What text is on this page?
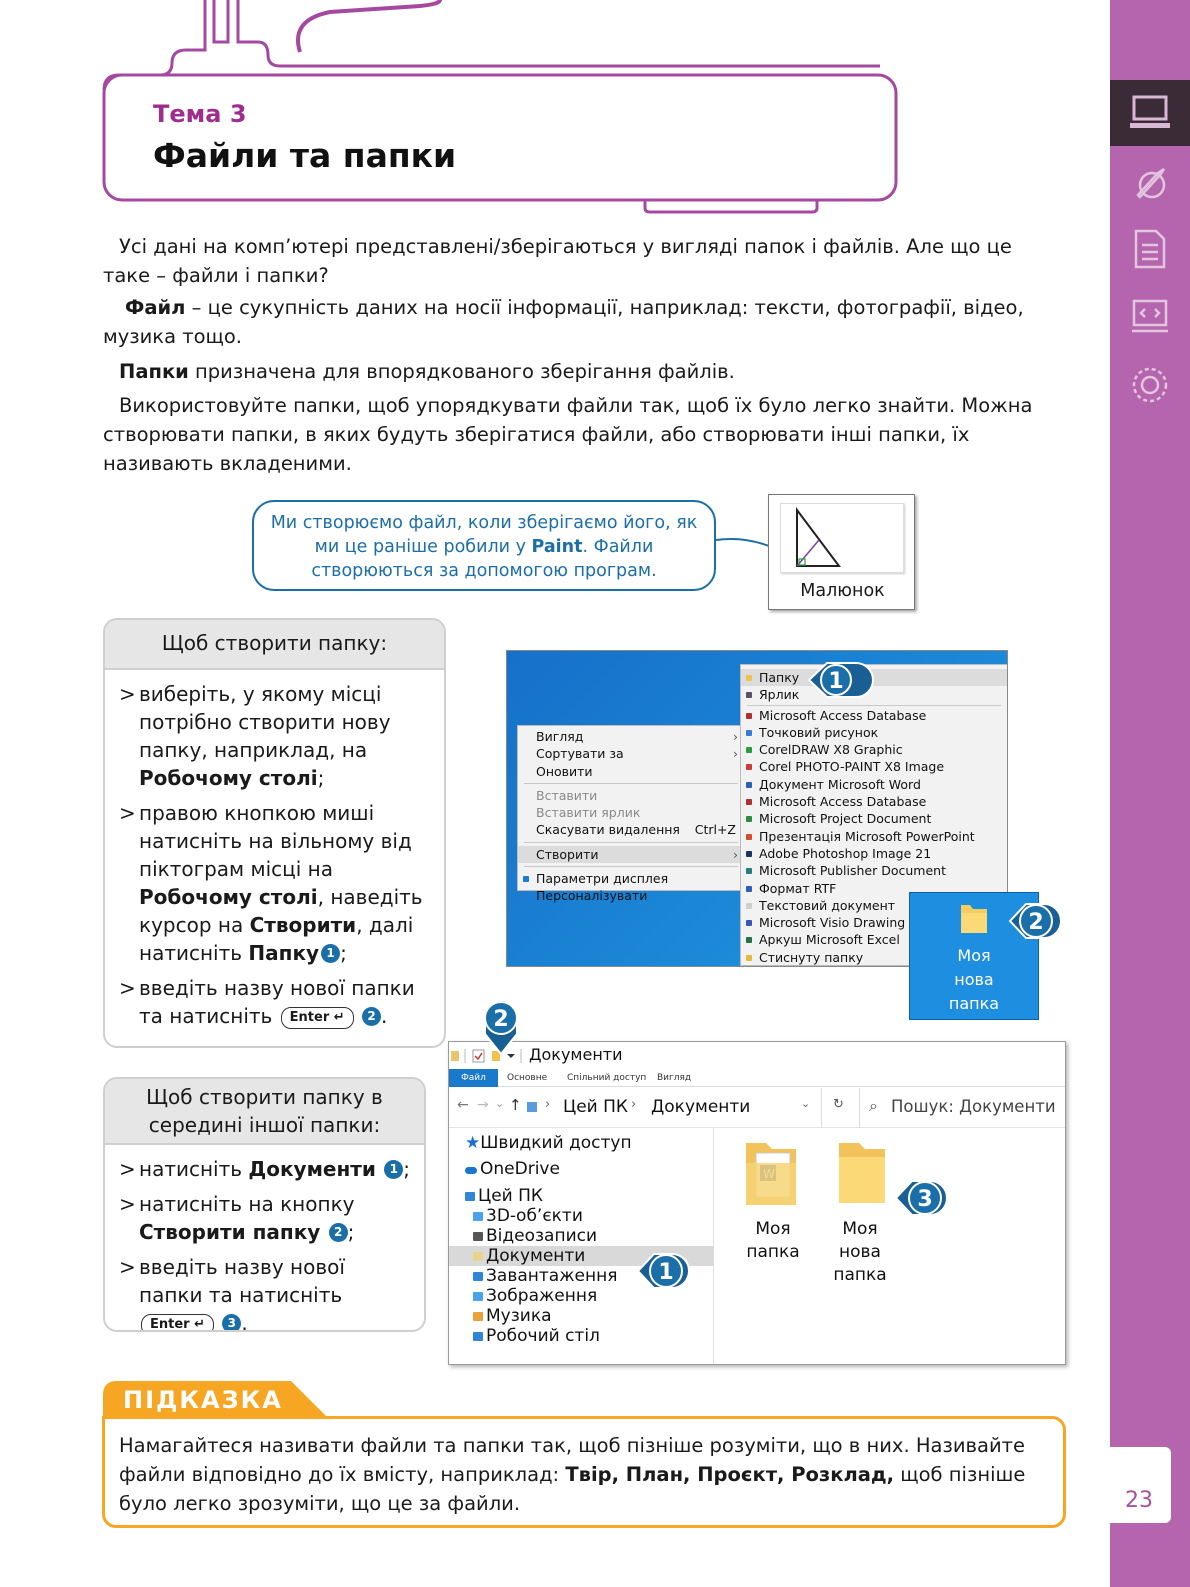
23
Тема 3
Файли та папки

Усі дані на комп’ютері представлені/зберігаються у вигляді папок і файлів. Але що це таке – файли і папки?

Файл – це сукупність даних на носії інформації, наприклад: тексти, фотографії, відео, музика тощо.

Папки призначена для впорядкованого зберігання файлів.

Використовуйте папки, щоб упорядкувати файли так, щоб їх було легко знайти. Можна створювати папки, в яких будуть зберігатися файли, або створювати інші папки, їх називають вкладеними.

Ми створюємо файл, коли зберігаємо його, як ми це раніше робили у Paint. Файли створюються за допомогою програм.
Малюнок
Щоб створити папку:
> виберіть, у якому місці потрібно створити нову папку, наприклад, на Робочому столі;
> правою кнопкою миші натисніть на вільному від піктограм місці на Робочому столі, наведіть курсор на Створити, далі натисніть Папку 1 ;
> введіть назву нової папки та натисніть Enter ↵ 2 .
Щоб створити папку в середині іншої папки:
> натисніть Документи 1 ;
> натисніть на кнопку Створити папку 2 ;
> введіть назву нової папки та натисніть Enter ↵ 3 .
Вигляд	›
Сортувати за	›
Оновити
Вставити
Вставити ярлик
Скасувати видалення Ctrl+Z
Створити	›
Параметри дисплея
Персоналізувати
Папку
Ярлик
Microsoft Access Database
Точковий рисунок
CorelDRAW X8 Graphic
Corel PHOTO-PAINT X8 Image
Документ Microsoft Word
Microsoft Access Database
Microsoft Project Document
Презентація Microsoft PowerPoint
Adobe Photoshop Image 21
Microsoft Publisher Document
Формат RTF
Текстовий документ
Microsoft Visio Drawing
Аркуш Microsoft Excel
Стиснуту папку	Моя
нова
папка
Документи
Файл	Основне Спільний доступ Вигляд
← → ⌄ ↑ › Цей ПК › Документи	⌄ ↻ ⌕ Пошук: Документи
★Швидкий доступ
OneDrive
Цей ПК
3D-об’єкти
Відеозаписи
Документи
Завантаження
Зображення
Музика
Робочий стіл
Моя
папка
Моя
нова
папка
1
2
2
1
3
ПІДКАЗКА
Намагайтеся називати файли та папки так, щоб пізніше розуміти, що в них. Називайте файли відповідно до їх вмісту, наприклад: Твір, План, Проєкт, Розклад, щоб пізніше було легко зрозуміти, що це за файли.
